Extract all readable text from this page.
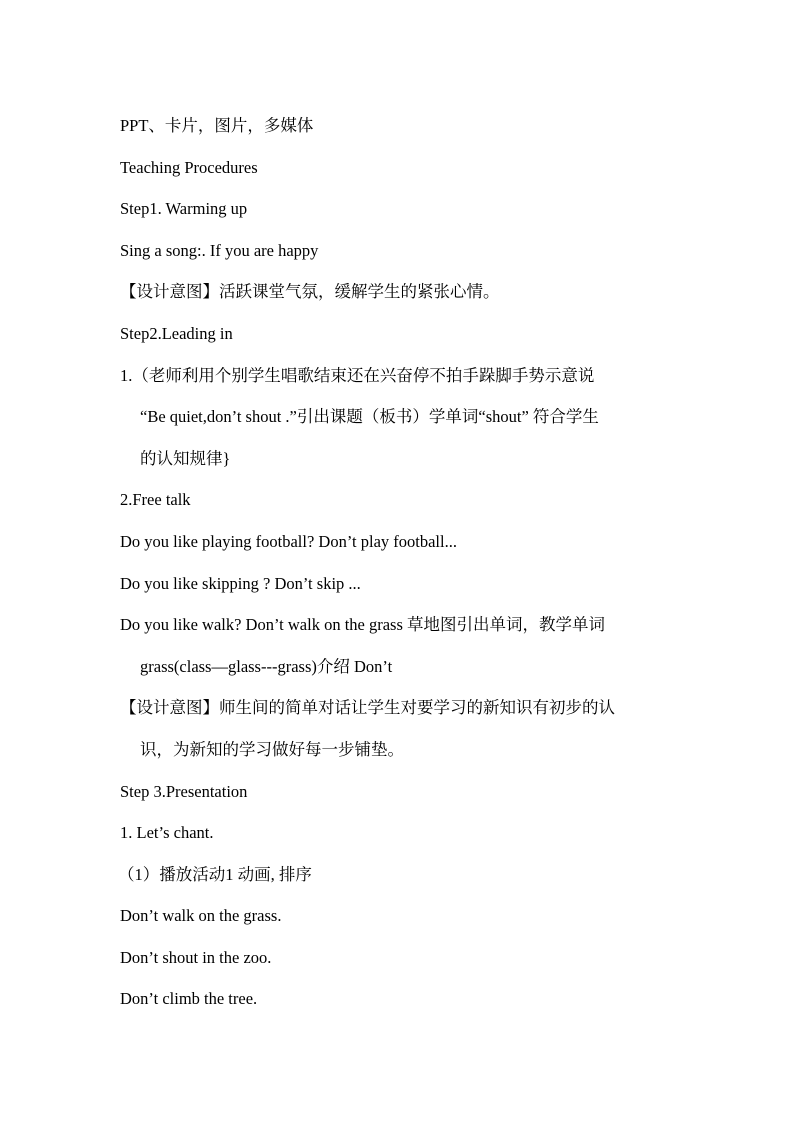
PPT、卡片，图片，多媒体
Teaching Procedures
Step1. Warming up
Sing a song:. If you are happy
【设计意图】活跃课堂气氛，缓解学生的紧张心情。
Step2.Leading in
1.（老师利用个别学生唱歌结束还在兴奋停不拍手跺脚手势示意说
“Be quiet,don’t shout .”引出课题（板书）学单词“shout” 符合学生
的认知规律}
2.Free talk
Do you like playing football? Don’t play football...
Do you like skipping ? Don’t skip ...
Do you like walk? Don’t walk on the grass 草地图引出单词，教学单词
grass(class—glass---grass)介绍 Don’t
【设计意图】师生间的简单对话让学生对要学习的新知识有初步的认
识，为新知的学习做好每一步铺垫。
Step 3.Presentation
1. Let’s chant.
（1）播放活动1 动画, 排序
Don’t walk on the grass.
Don’t shout in the zoo.
Don’t climb the tree.
